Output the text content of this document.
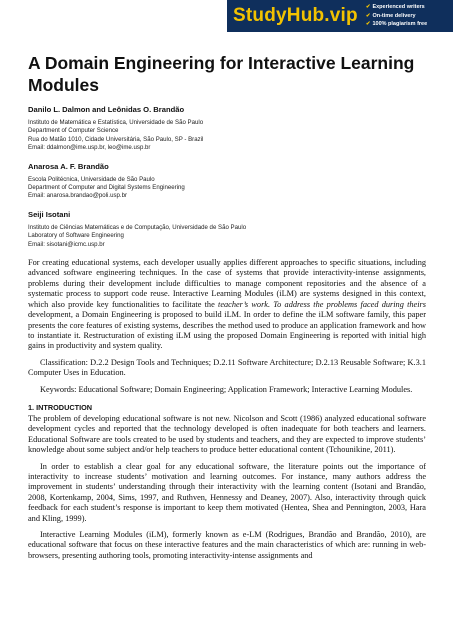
StudyHub.vip ✔ Experienced writers
✔ On-time delivery
✔ 100% plagiarism free
A Domain Engineering for Interactive Learning Modules
Danilo L. Dalmon and Leônidas O. Brandão
Instituto de Matemática e Estatística, Universidade de São Paulo
Department of Computer Science
Rua do Matão 1010, Cidade Universitária, São Paulo, SP - Brazil
Email: ddalmon@ime.usp.br, leo@ime.usp.br
Anarosa A. F. Brandão
Escola Politécnica, Universidade de São Paulo
Department of Computer and Digital Systems Engineering
Email: anarosa.brandao@poli.usp.br
Seiji Isotani
Instituto de Ciências Matemáticas e de Computação, Universidade de São Paulo
Laboratory of Software Engineering
Email: sisotani@icmc.usp.br
For creating educational systems, each developer usually applies different approaches to specific situations, including advanced software engineering techniques. In the case of systems that provide interactivity-intense assignments, problems during their development include difficulties to manage component repositories and the absence of a systematic process to support code reuse. Interactive Learning Modules (iLM) are systems designed in this context, which also provide key functionalities to facilitate the teacher’s work. To address the problems faced during theirs development, a Domain Engineering is proposed to build iLM. In order to define the iLM software family, this paper presents the core features of existing systems, describes the method used to produce an application framework and how to instantiate it. Restructuration of existing iLM using the proposed Domain Engineering is reported with initial high gains in productivity and system quality.
Classification: D.2.2 Design Tools and Techniques; D.2.11 Software Architecture; D.2.13 Reusable Software; K.3.1 Computer Uses in Education.
Keywords: Educational Software; Domain Engineering; Application Framework; Interactive Learning Modules.
1. INTRODUCTION
The problem of developing educational software is not new. Nicolson and Scott (1986) analyzed educational software development cycles and reported that the technology developed is often inadequate for both teachers and learners. Educational Software are tools created to be used by students and teachers, and they are expected to improve students’ knowledge about some subject and/or help teachers to produce better educational content (Tchounikine, 2011).
In order to establish a clear goal for any educational software, the literature points out the importance of interactivity to increase students’ motivation and learning outcomes. For instance, many authors address the improvement in students’ understanding through their interactivity with the learning content (Isotani and Brandão, 2008, Kortenkamp, 2004, Sims, 1997, and Ruthven, Hennessy and Deaney, 2007). Also, interactivity through quick feedback for each student’s response is important to keep them motivated (Hentea, Shea and Pennington, 2003, Hara and Kling, 1999).
Interactive Learning Modules (iLM), formerly known as e-LM (Rodrigues, Brandão and Brandão, 2010), are educational software that focus on these interactive features and the main characteristics of which are: running in web-browsers, presenting authoring tools, promoting interactivity-intense assignments and
